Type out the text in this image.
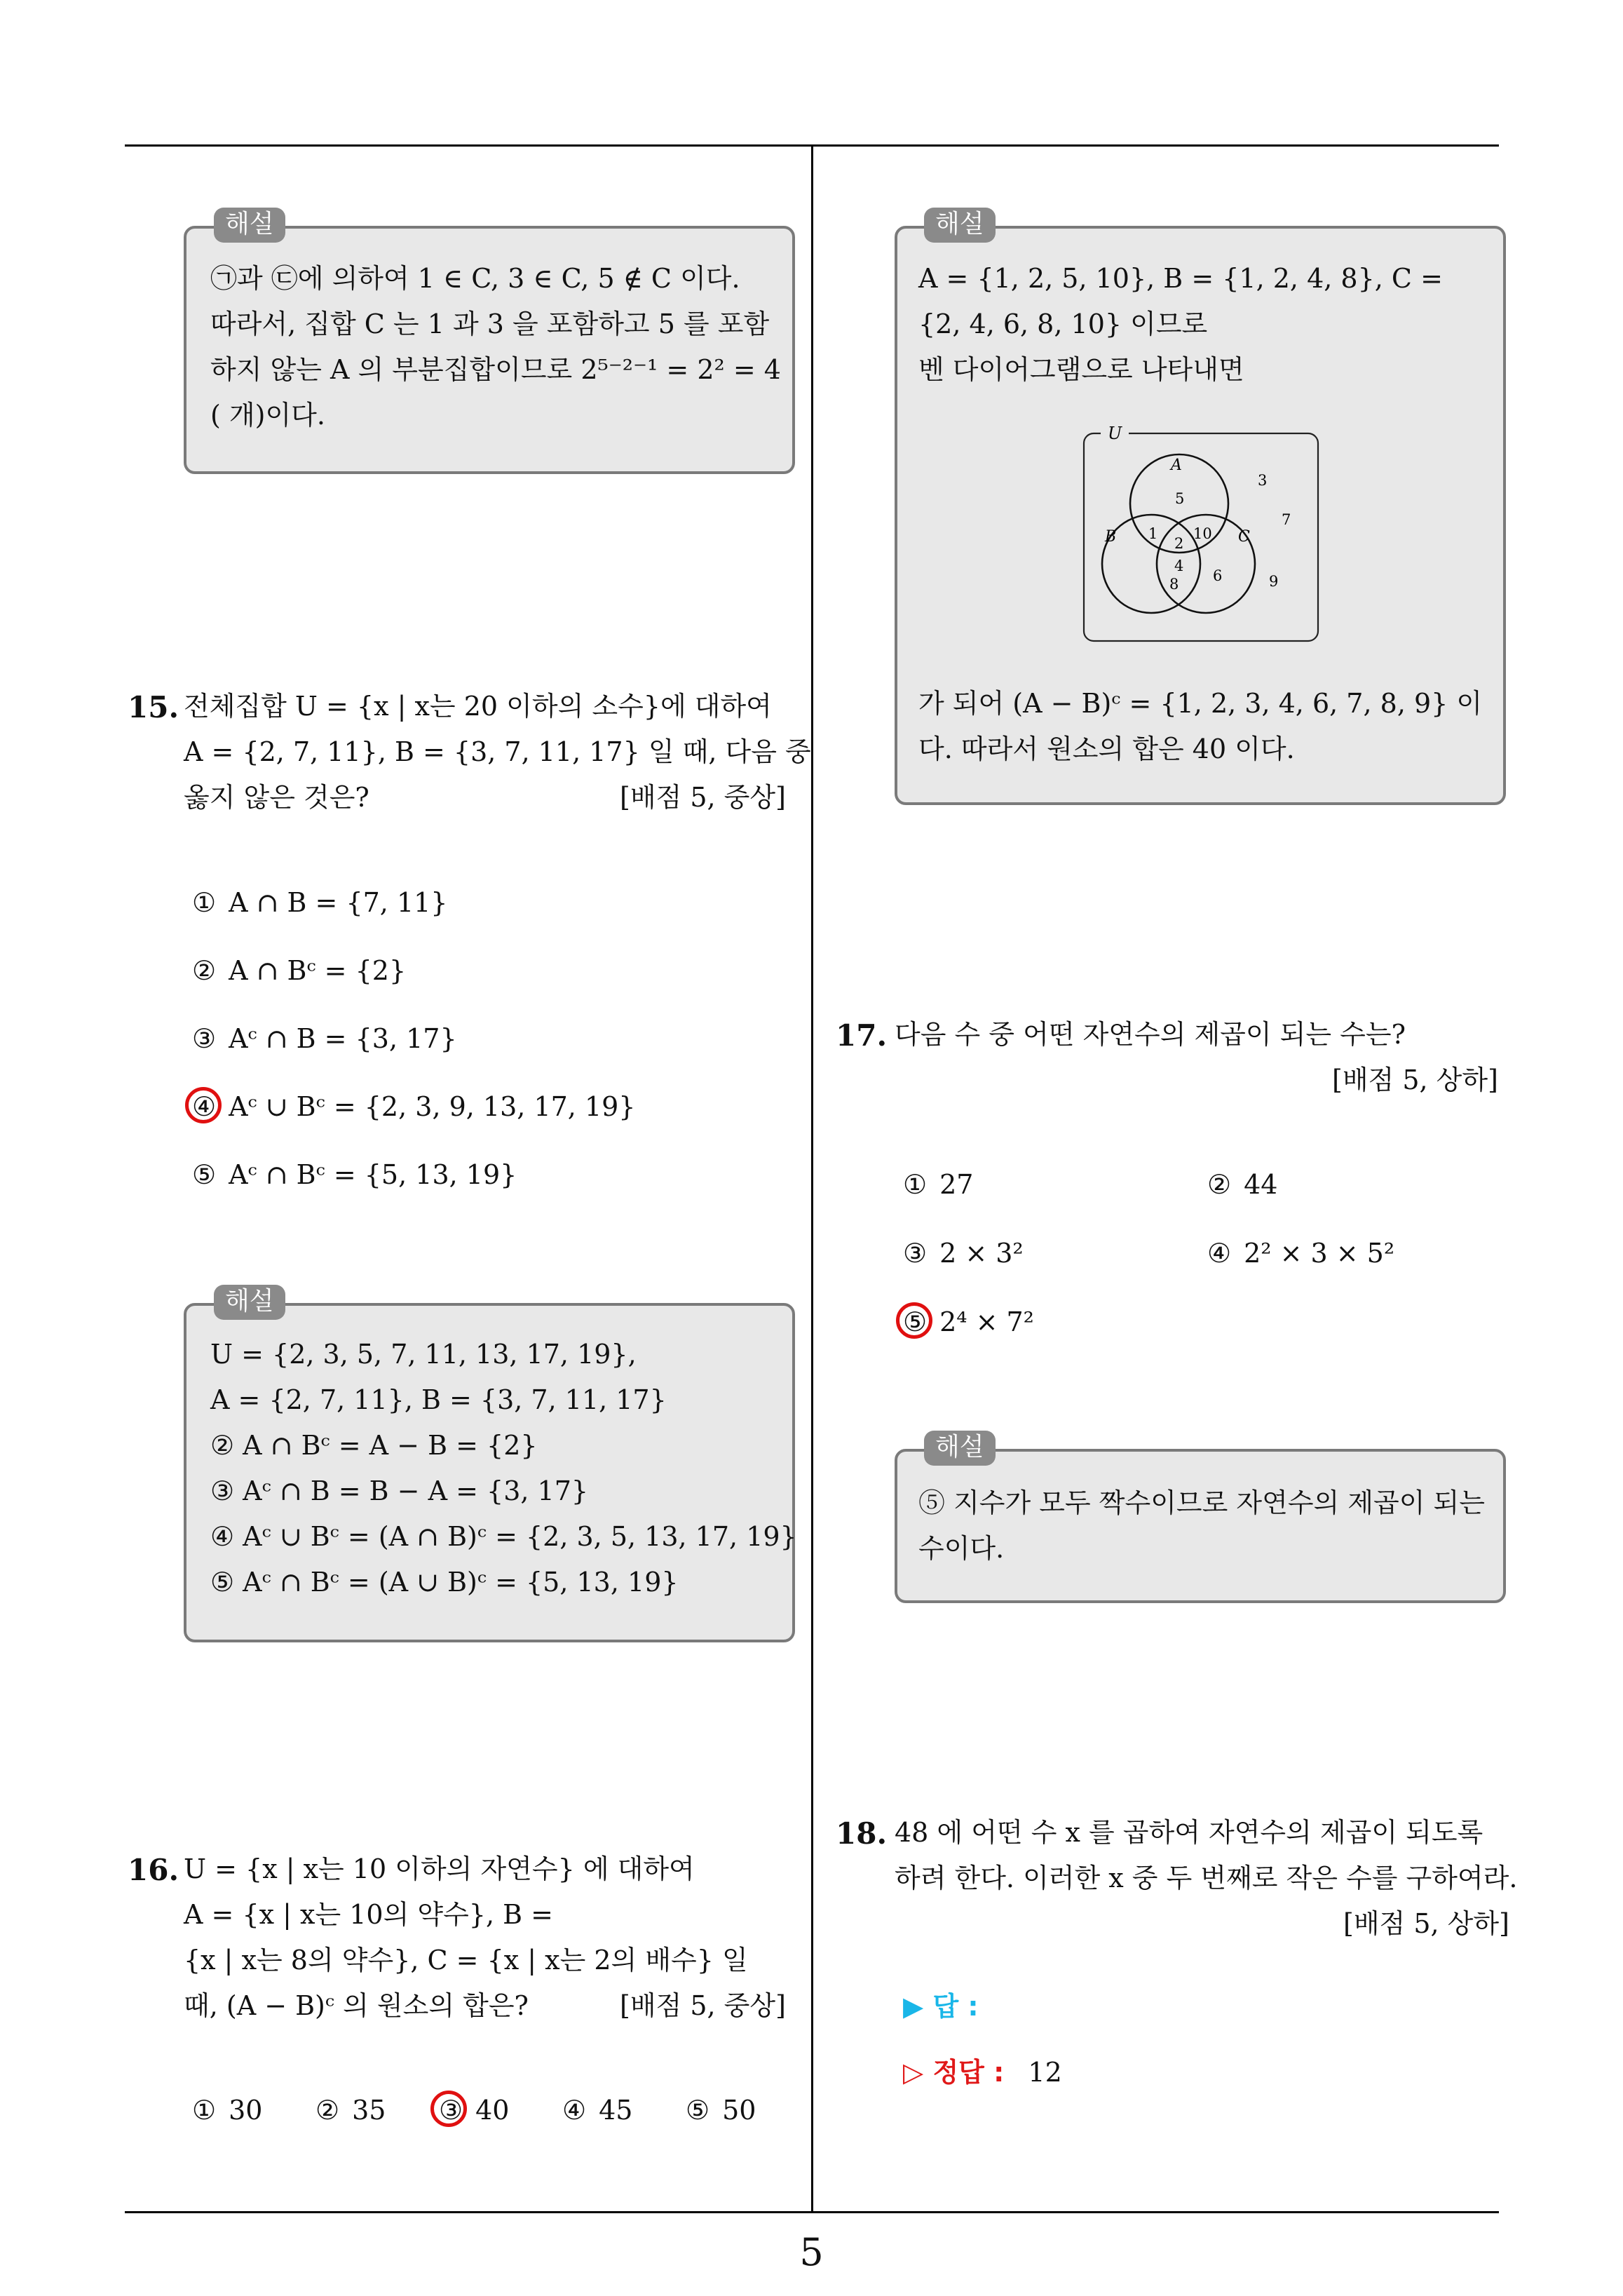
해설
㉠과 ㉢에 의하여 1 ∈ C, 3 ∈ C, 5 ∉ C 이다.
따라서, 집합 C 는 1 과 3 을 포함하고 5 를 포함
하지 않는 A 의 부분집합이므로 2⁵⁻²⁻¹ = 2² = 4
( 개)이다.
15. 전체집합 U = {x | x는 20 이하의 소수}에 대하여
A = {2, 7, 11}, B = {3, 7, 11, 17} 일 때, 다음 중
옳지 않은 것은?	[배점 5, 중상]
① A ∩ B = {7, 11}
② A ∩ Bᶜ = {2}
③ Aᶜ ∩ B = {3, 17}
④ Aᶜ ∪ Bᶜ = {2, 3, 9, 13, 17, 19}
⑤ Aᶜ ∩ Bᶜ = {5, 13, 19}
해설
U = {2, 3, 5, 7, 11, 13, 17, 19},
A = {2, 7, 11}, B = {3, 7, 11, 17}
② A ∩ Bᶜ = A − B = {2}
③ Aᶜ ∩ B = B − A = {3, 17}
④ Aᶜ ∪ Bᶜ = (A ∩ B)ᶜ = {2, 3, 5, 13, 17, 19}
⑤ Aᶜ ∩ Bᶜ = (A ∪ B)ᶜ = {5, 13, 19}
16. U = {x | x는 10 이하의 자연수} 에 대하여
A = {x | x는 10의 약수}, B =
{x | x는 8의 약수}, C = {x | x는 2의 배수} 일
때, (A − B)ᶜ 의 원소의 합은?	[배점 5, 중상]
① 30 ② 35 ③ 40 ④ 45 ⑤ 50
해설
A = {1, 2, 5, 10}, B = {1, 2, 4, 8}, C =
{2, 4, 6, 8, 10} 이므로
벤 다이어그램으로 나타내면
U
A
B	C
5
1 10
2
4
8 6
3
7
9
가 되어 (A − B)ᶜ = {1, 2, 3, 4, 6, 7, 8, 9} 이
다. 따라서 원소의 합은 40 이다.
17. 다음 수 중 어떤 자연수의 제곱이 되는 수는?
[배점 5, 상하]
① 27	② 44
③ 2 × 3²	④ 2² × 3 × 5²
⑤ 2⁴ × 7²
해설
⑤ 지수가 모두 짝수이므로 자연수의 제곱이 되는
수이다.
18. 48 에 어떤 수 x 를 곱하여 자연수의 제곱이 되도록
하려 한다. 이러한 x 중 두 번째로 작은 수를 구하여라.
[배점 5, 상하]
▶ 답 :
▷ 정답 : 12
5
